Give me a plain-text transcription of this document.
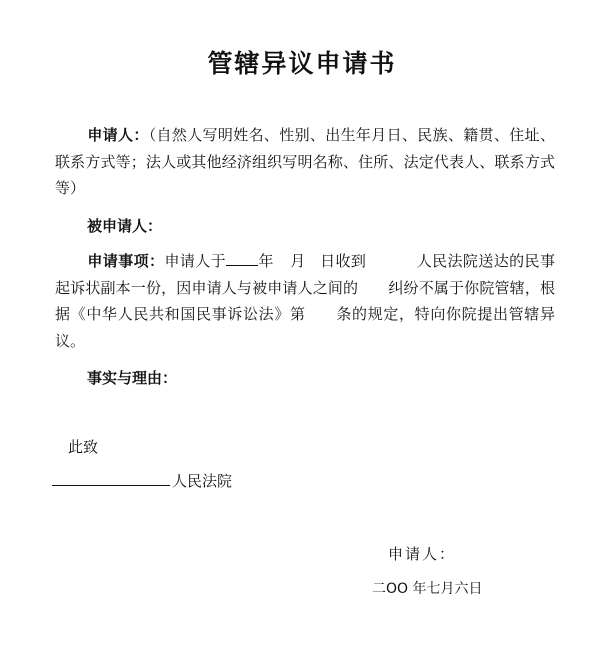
管辖异议申请书
申请人：（自然人写明姓名、性别、出生年月日、民族、籍贯、住址、联系方式等；法人或其他经济组织写明名称、住所、法定代表人、联系方式等）
被申请人：
申请事项：申请人于 年 月 日收到	人民法院送达的民事起诉状副本一份，因申请人与被申请人之间的 纠纷不属于你院管辖，根据《中华人民共和国民事诉讼法》第 条的规定，特向你院提出管辖异议。
事实与理由：
此致
人民法院
申请人：
二OO 年七月六日
